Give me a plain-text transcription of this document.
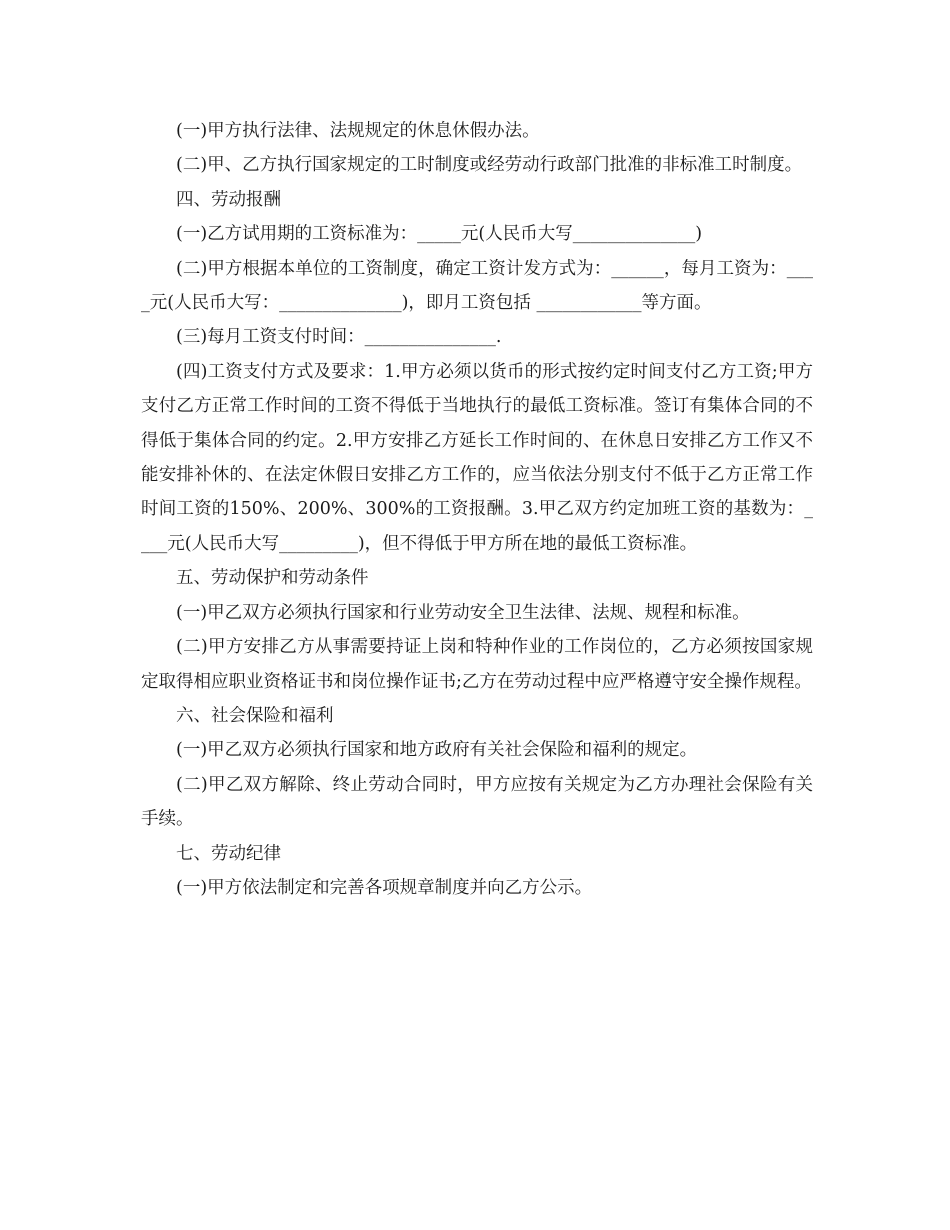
(一)甲方执行法律、法规规定的休息休假办法。

(二)甲、乙方执行国家规定的工时制度或经劳动行政部门批准的非标准工时制度。

四、劳动报酬

(一)乙方试用期的工资标准为：_____元(人民币大写______________)

(二)甲方根据本单位的工资制度，确定工资计发方式为：______，每月工资为：____元(人民币大写：______________)，即月工资包括 ____________等方面。

(三)每月工资支付时间：_______________.

(四)工资支付方式及要求：1.甲方必须以货币的形式按约定时间支付乙方工资;甲方支付乙方正常工作时间的工资不得低于当地执行的最低工资标准。签订有集体合同的不得低于集体合同的约定。2.甲方安排乙方延长工作时间的、在休息日安排乙方工作又不能安排补休的、在法定休假日安排乙方工作的，应当依法分别支付不低于乙方正常工作时间工资的150%、200%、300%的工资报酬。3.甲乙双方约定加班工资的基数为：____元(人民币大写_________)，但不得低于甲方所在地的最低工资标准。

五、劳动保护和劳动条件

(一)甲乙双方必须执行国家和行业劳动安全卫生法律、法规、规程和标准。

(二)甲方安排乙方从事需要持证上岗和特种作业的工作岗位的，乙方必须按国家规定取得相应职业资格证书和岗位操作证书;乙方在劳动过程中应严格遵守安全操作规程。

六、社会保险和福利

(一)甲乙双方必须执行国家和地方政府有关社会保险和福利的规定。

(二)甲乙双方解除、终止劳动合同时，甲方应按有关规定为乙方办理社会保险有关手续。

七、劳动纪律

(一)甲方依法制定和完善各项规章制度并向乙方公示。
